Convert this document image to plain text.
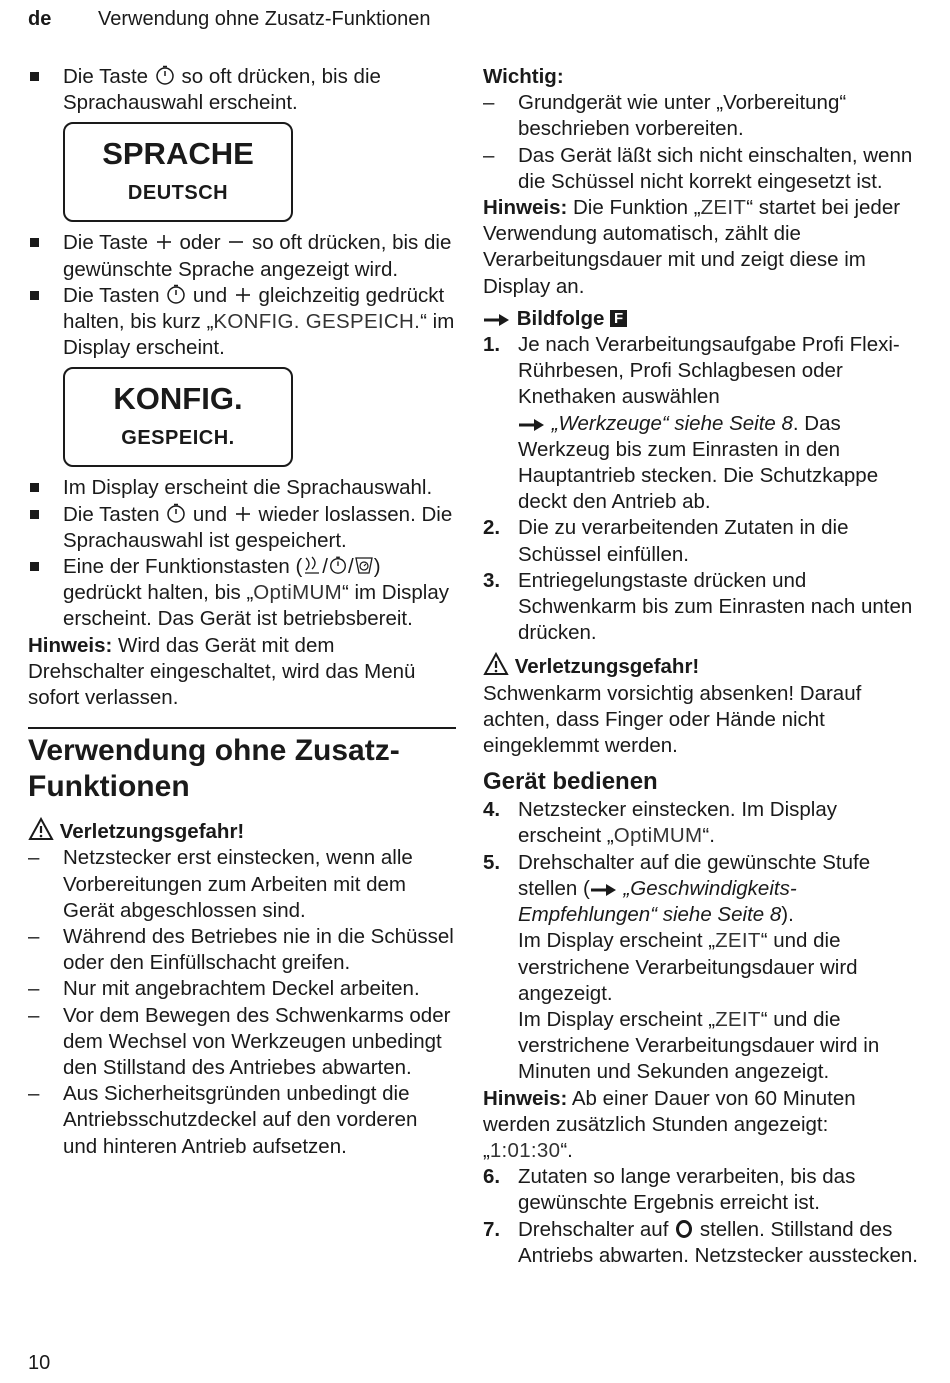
de Verwendung ohne Zusatz-Funktionen
Die Taste so oft drücken, bis die Sprachauswahl erscheint.
SPRACHE
DEUTSCH
Die Taste oder so oft drücken, bis die gewünschte Sprache angezeigt wird.
Die Tasten und gleichzeitig gedrückt halten, bis kurz „KONFIG. GESPEICH.“ im Display erscheint.
KONFIG.
GESPEICH.
Im Display erscheint die Sprachauswahl.
Die Tasten und wieder loslassen. Die Sprachauswahl ist gespeichert.
Eine der Funktionstasten ( / / ) gedrückt halten, bis „OptiMUM“ im Display erscheint. Das Gerät ist betriebsbereit.
Hinweis: Wird das Gerät mit dem Drehschalter eingeschaltet, wird das Menü sofort verlassen.
Verwendung ohne Zusatz-Funktionen
Verletzungsgefahr!
–	Netzstecker erst einstecken, wenn alle Vorbereitungen zum Arbeiten mit dem Gerät abgeschlossen sind.
–	Während des Betriebes nie in die Schüssel oder den Einfüllschacht greifen.
–	Nur mit angebrachtem Deckel arbeiten.
–	Vor dem Bewegen des Schwenkarms oder dem Wechsel von Werkzeugen unbedingt den Stillstand des Antriebes abwarten.
–	Aus Sicherheitsgründen unbedingt die Antriebsschutzdeckel auf den vorderen und hinteren Antrieb aufsetzen.
Wichtig:
–	Grundgerät wie unter „Vorbereitung“ beschrieben vorbereiten.
–	Das Gerät läßt sich nicht einschalten, wenn die Schüssel nicht korrekt eingesetzt ist.
Hinweis: Die Funktion „ZEIT“ startet bei jeder Verwendung automatisch, zählt die Verarbeitungsdauer mit und zeigt diese im Display an.
Bildfolge F
1. Je nach Verarbeitungsaufgabe Profi Flexi-Rührbesen, Profi Schlagbesen oder Knethaken auswählen
„Werkzeuge“ siehe Seite 8. Das Werkzeug bis zum Einrasten in den Hauptantrieb stecken. Die Schutzkappe deckt den Antrieb ab.
2. Die zu verarbeitenden Zutaten in die Schüssel einfüllen.
3. Entriegelungstaste drücken und Schwenkarm bis zum Einrasten nach unten drücken.
Verletzungsgefahr!
Schwenkarm vorsichtig absenken! Darauf achten, dass Finger oder Hände nicht eingeklemmt werden.
Gerät bedienen
4. Netzstecker einstecken. Im Display erscheint „OptiMUM“.
5. Drehschalter auf die gewünschte Stufe stellen ( „Geschwindigkeits-Empfehlungen“ siehe Seite 8).
Im Display erscheint „ZEIT“ und die verstrichene Verarbeitungsdauer wird angezeigt.
Im Display erscheint „ZEIT“ und die verstrichene Verarbeitungsdauer wird in Minuten und Sekunden angezeigt.
Hinweis: Ab einer Dauer von 60 Minuten werden zusätzlich Stunden angezeigt: „1:01:30“.
6. Zutaten so lange verarbeiten, bis das gewünschte Ergebnis erreicht ist.
7. Drehschalter auf stellen. Stillstand des Antriebs abwarten. Netzstecker ausstecken.
10
